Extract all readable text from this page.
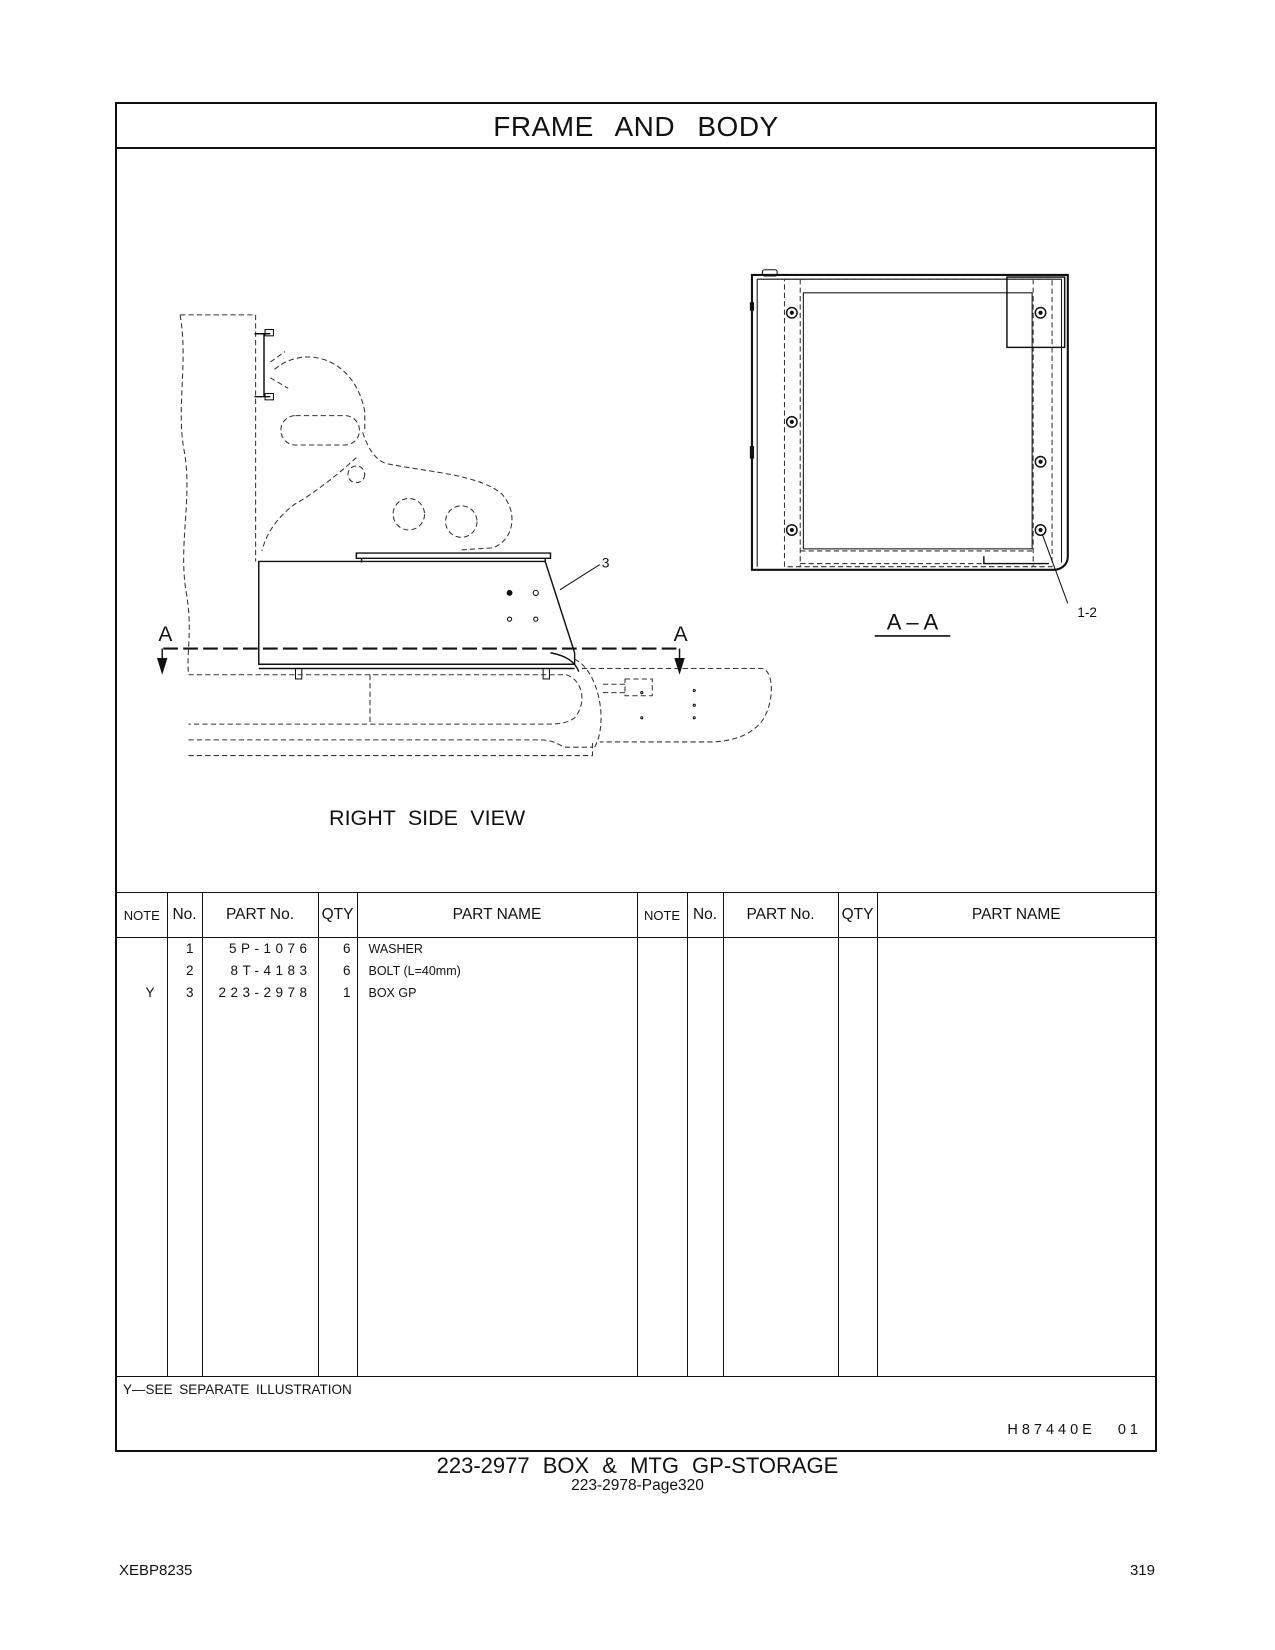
FRAME AND BODY
A	A
3
RIGHT SIDE VIEW
1-2
A – A
NOTE	No.	PART No.	QTY	PART NAME	NOTE	No.	PART No.	QTY	PART NAME
	1	5P-1076	6	WASHER					
	2	8T-4183	6	BOLT (L=40mm)					
Y	3	223-2978	1	BOX GP					

Y—SEE SEPARATE ILLUSTRATION
H87440E 01
223-2977 BOX & MTG GP-STORAGE
223-2978-Page320
XEBP8235	319
